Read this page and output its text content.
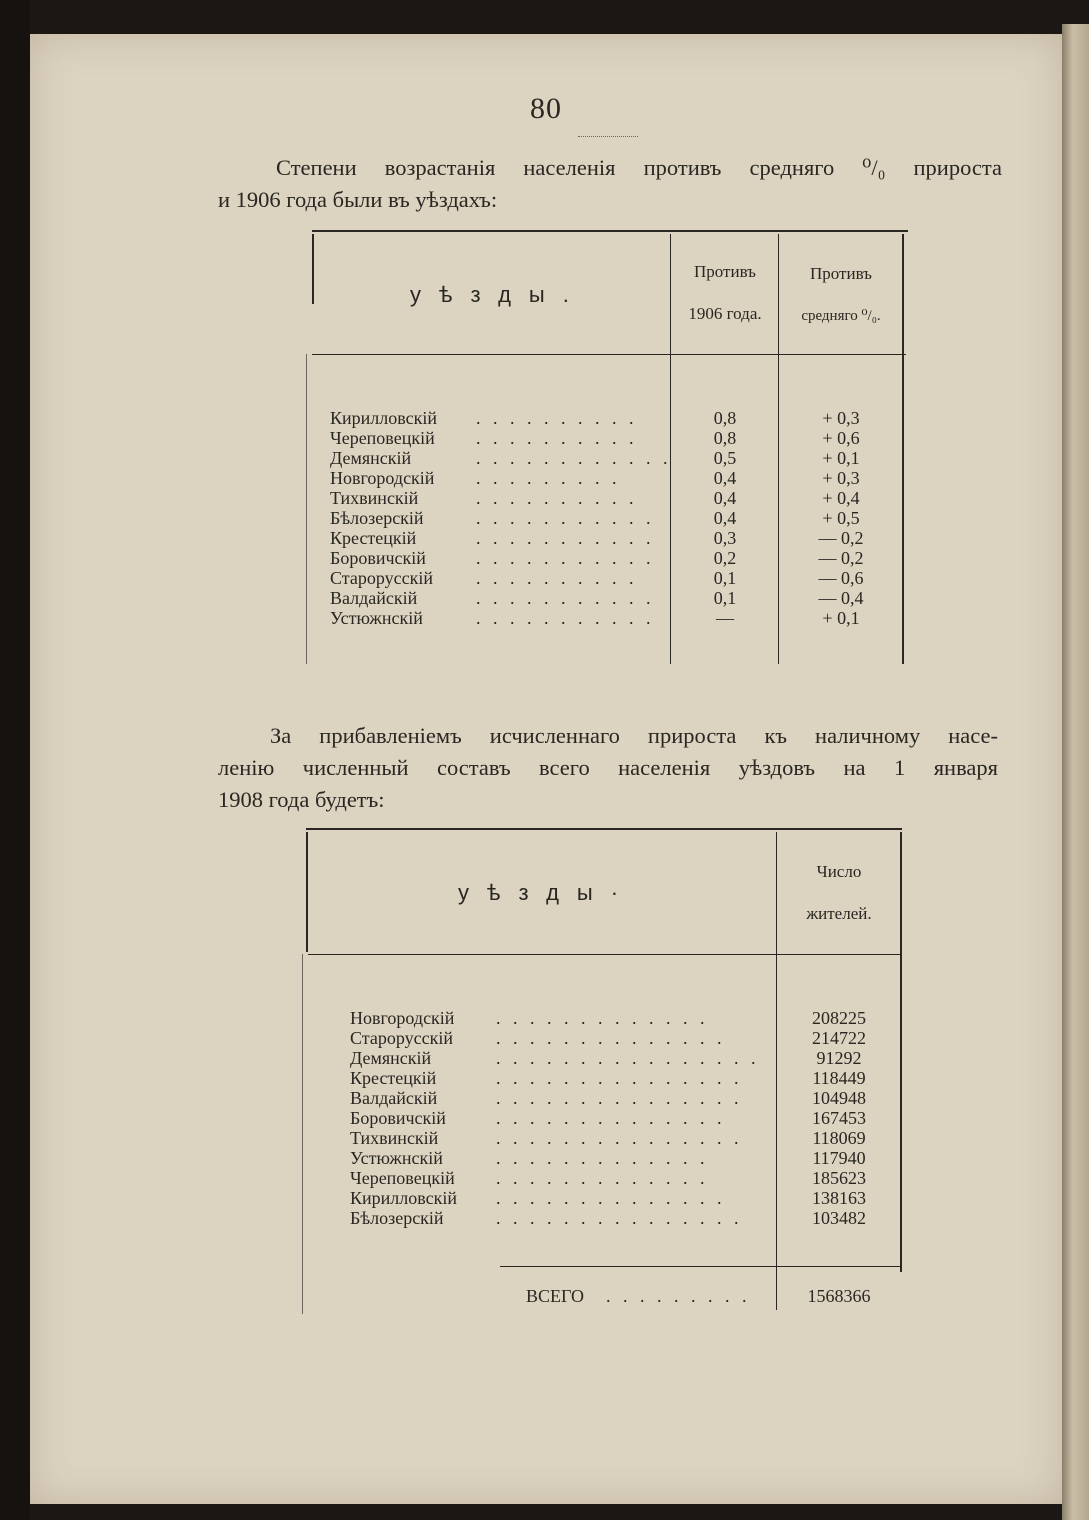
80
Степени возрастанія населенія противъ средняго ⁰/₀ прироста
и 1906 года были въ уѣздахъ:
уѣзды.
Противъ
1906 года.
Противъ
средняго ⁰/₀.
Кирилловскій . . . . . . . . . .	0,8	+ 0,3
Череповецкій . . . . . . . . . .	0,8	+ 0,6
Демянскій	. . . . . . . . . . . .	0,5	+ 0,1
Новгородскій . . . . . . . . .	0,4	+ 0,3
Тихвинскій	. . . . . . . . . .	0,4	+ 0,4
Бѣлозерскій	. . . . . . . . . . .	0,4	+ 0,5
Крестецкій	. . . . . . . . . . .	0,3	— 0,2
Боровичскій	. . . . . . . . . . .	0,2	— 0,2
Старорусскій . . . . . . . . . .	0,1	— 0,6
Валдайскій	. . . . . . . . . . .	0,1	— 0,4
Устюжнскій	. . . . . . . . . . .	—	+ 0,1
За прибавленіемъ исчисленнаго прироста къ наличному насе-
ленію численный составъ всего населенія уѣздовъ на 1 января
1908 года будетъ:
уѣзды·
Число
жителей.
Новгородскій . . . . . . . . . . . . .	208225
Старорусскій . . . . . . . . . . . . . .	214722
Демянскій	. . . . . . . . . . . . . . . .	91292
Крестецкій	. . . . . . . . . . . . . . .	118449
Валдайскій	. . . . . . . . . . . . . . .	104948
Боровичскій	. . . . . . . . . . . . . .	167453
Тихвинскій	. . . . . . . . . . . . . . .	118069
Устюжнскій	. . . . . . . . . . . . .	117940
Череповецкій . . . . . . . . . . . . .	185623
Кирилловскій . . . . . . . . . . . . . .	138163
Бѣлозерскій	. . . . . . . . . . . . . . .	103482
ВСЕГО . . . . . . . . .	1568366
